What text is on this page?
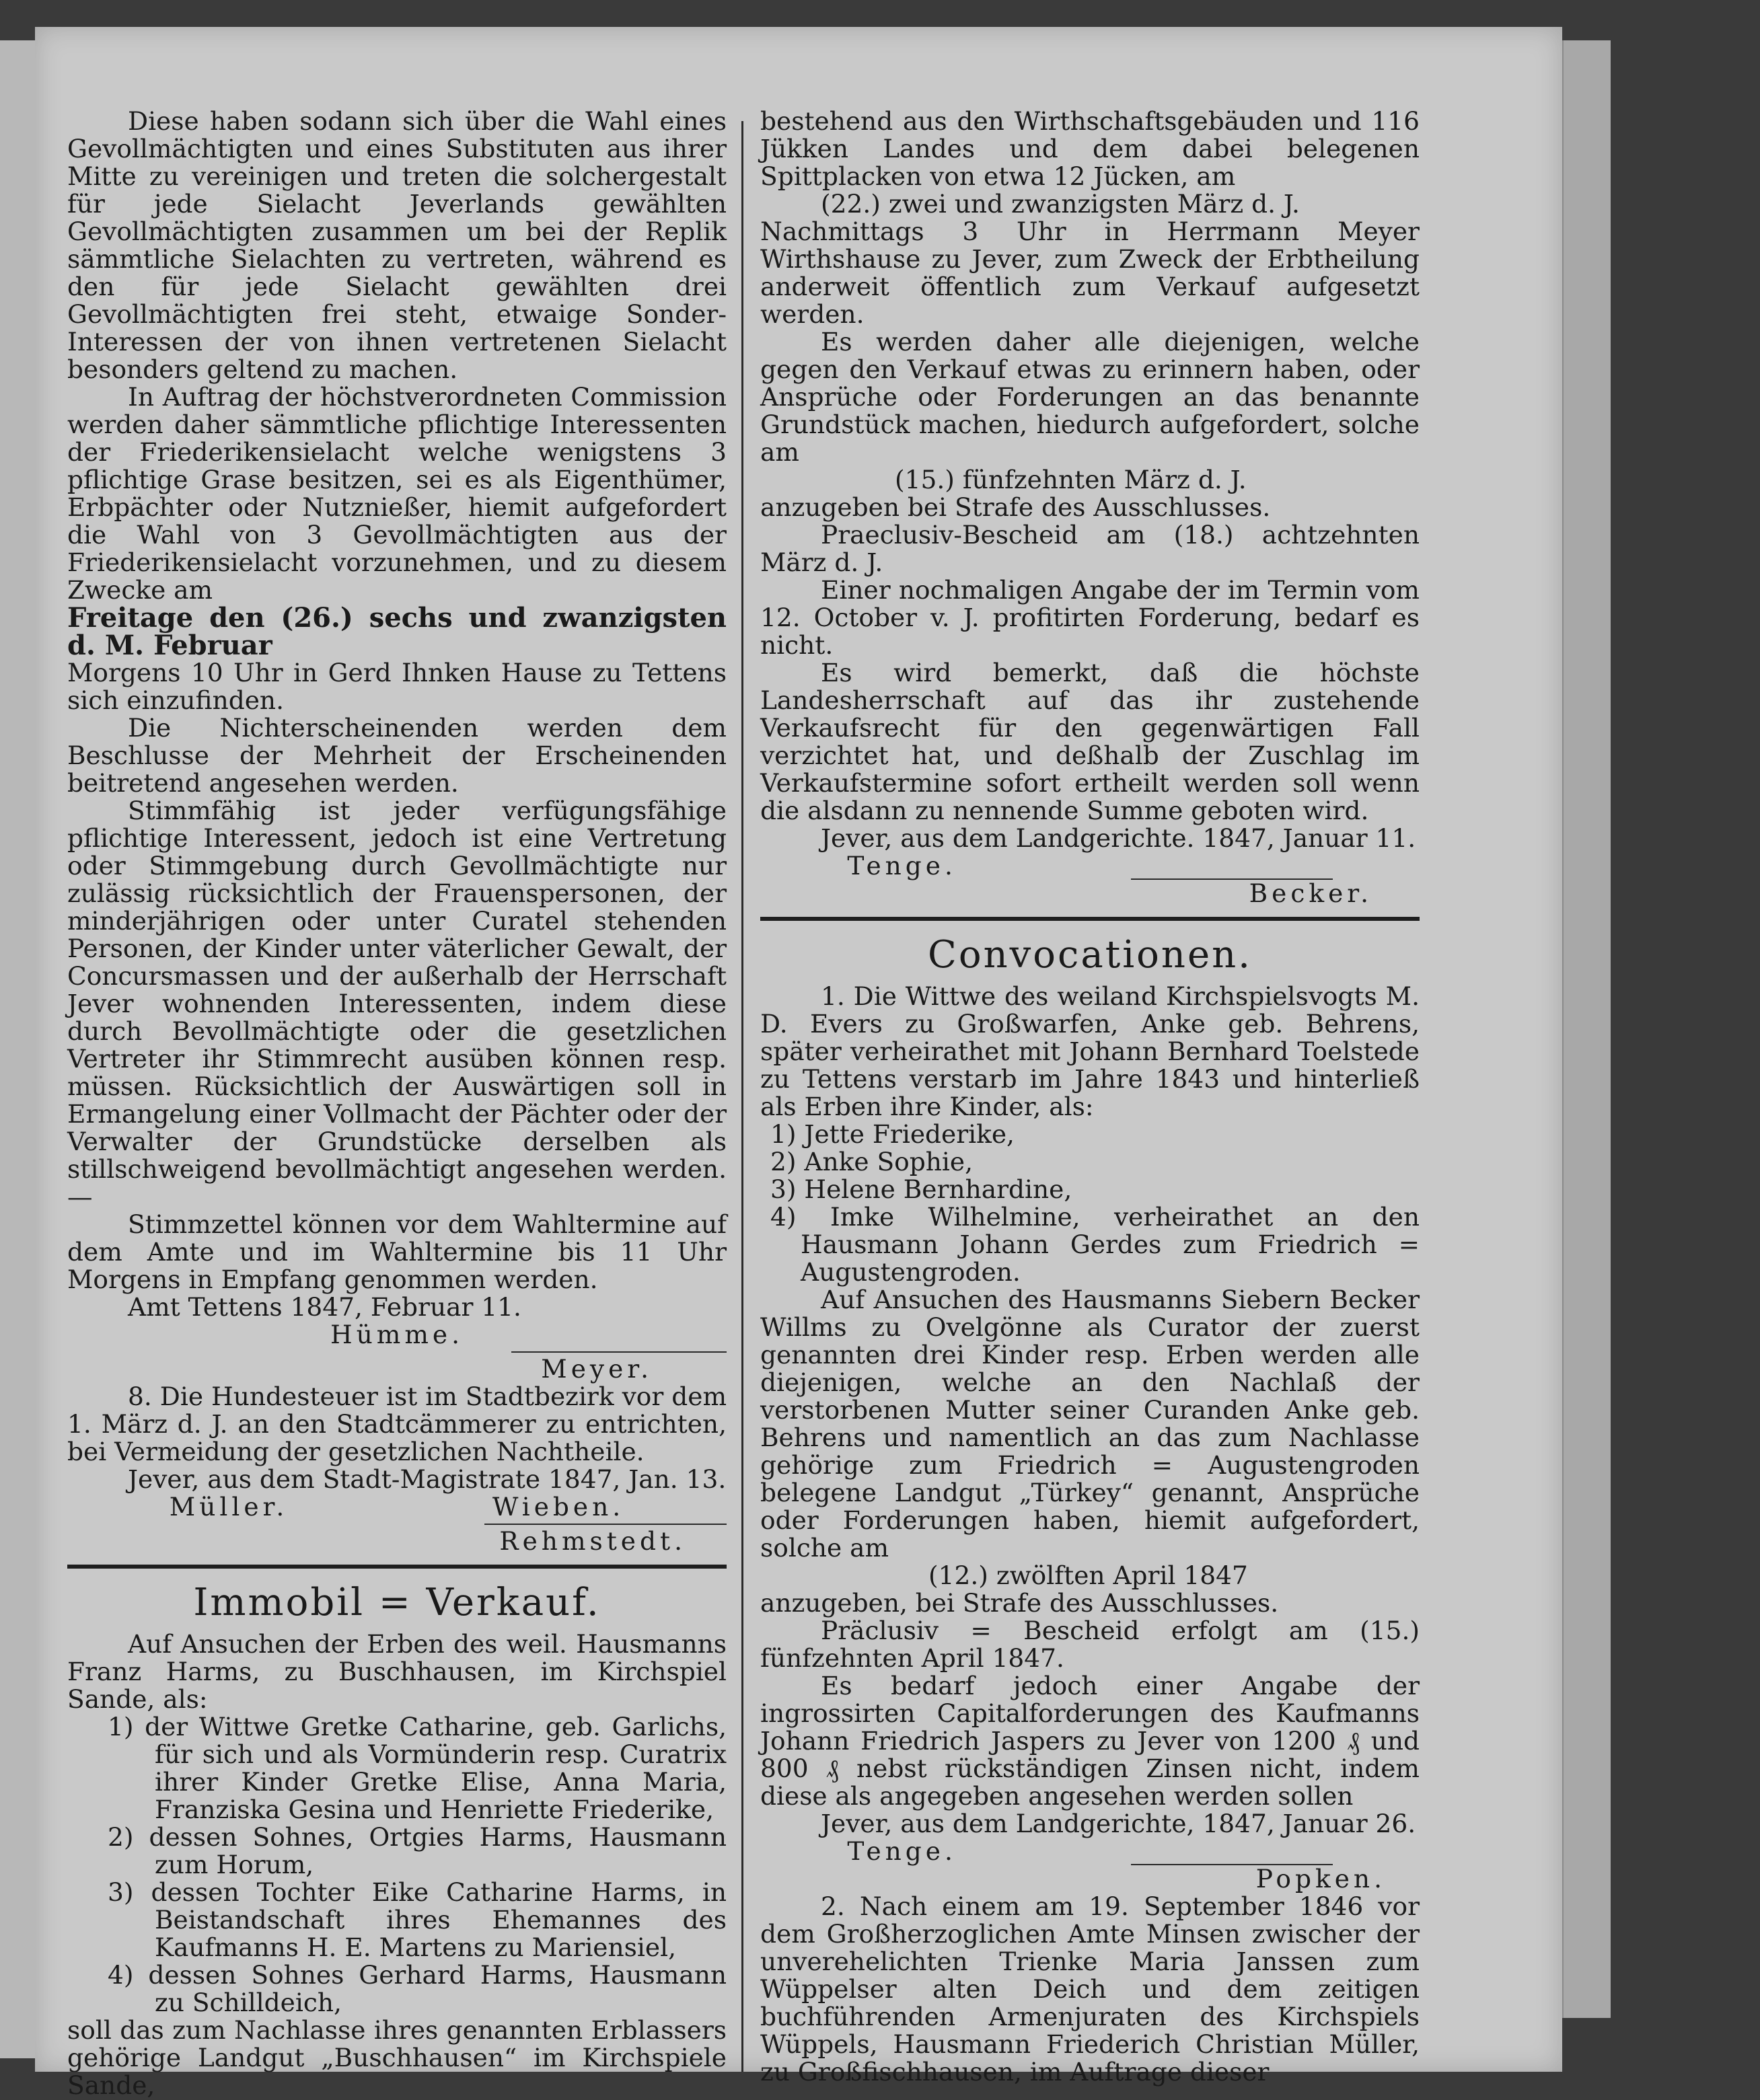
Diese haben sodann sich über die Wahl eines Gevollmächtigten und eines Substituten aus ihrer Mitte zu vereinigen und treten die solchergestalt für jede Sielacht Jeverlands gewählten Gevollmächtigten zusammen um bei der Replik sämmtliche Sielachten zu vertreten, während es den für jede Sielacht gewählten drei Gevollmächtigten frei steht, etwaige Sonder-Interessen der von ihnen vertretenen Sielacht besonders geltend zu machen.

In Auftrag der höchstverordneten Commission werden daher sämmtliche pflichtige Interessenten der Friederikensielacht welche wenigstens 3 pflichtige Grase besitzen, sei es als Eigenthümer, Erbpächter oder Nutznießer, hiemit aufgefordert die Wahl von 3 Gevollmächtigten aus der Friederikensielacht vorzunehmen, und zu diesem Zwecke am

Freitage den (26.) sechs und zwanzigsten d. M. Februar

Morgens 10 Uhr in Gerd Ihnken Hause zu Tettens sich einzufinden.

Die Nichterscheinenden werden dem Beschlusse der Mehrheit der Erscheinenden beitretend angesehen werden.

Stimmfähig ist jeder verfügungsfähige pflichtige Interessent, jedoch ist eine Vertretung oder Stimmgebung durch Gevollmächtigte nur zulässig rücksichtlich der Frauenspersonen, der minderjährigen oder unter Curatel stehenden Personen, der Kinder unter väterlicher Gewalt, der Concursmassen und der außerhalb der Herrschaft Jever wohnenden Interessenten, indem diese durch Bevollmächtigte oder die gesetzlichen Vertreter ihr Stimmrecht ausüben können resp. müssen. Rücksichtlich der Auswärtigen soll in Ermangelung einer Vollmacht der Pächter oder der Verwalter der Grundstücke derselben als stillschweigend bevollmächtigt angesehen werden. —

Stimmzettel können vor dem Wahltermine auf dem Amte und im Wahltermine bis 11 Uhr Morgens in Empfang genommen werden.

Amt Tettens 1847, Februar 11.

Hümme.

Meyer.

8. Die Hundesteuer ist im Stadtbezirk vor dem 1. März d. J. an den Stadtcämmerer zu entrichten, bei Vermeidung der gesetzlichen Nachtheile.

Jever, aus dem Stadt-Magistrate 1847, Jan. 13.

Müller.	Wieben.

Rehmstedt.

Immobil = Verkauf.

Auf Ansuchen der Erben des weil. Hausmanns Franz Harms, zu Buschhausen, im Kirchspiel Sande, als:

1) der Wittwe Gretke Catharine, geb. Garlichs, für sich und als Vormünderin resp. Curatrix ihrer Kinder Gretke Elise, Anna Maria, Franziska Gesina und Henriette Friederike,

2) dessen Sohnes, Ortgies Harms, Hausmann zum Horum,

3) dessen Tochter Eike Catharine Harms, in Beistandschaft ihres Ehemannes des Kaufmanns H. E. Martens zu Mariensiel,

4) dessen Sohnes Gerhard Harms, Hausmann zu Schilldeich,

soll das zum Nachlasse ihres genannten Erblassers gehörige Landgut „Buschhausen“ im Kirchspiele Sande,

bestehend aus den Wirthschaftsgebäuden und 116 Jükken Landes und dem dabei belegenen Spittplacken von etwa 12 Jücken, am

(22.) zwei und zwanzigsten März d. J.

Nachmittags 3 Uhr in Herrmann Meyer Wirthshause zu Jever, zum Zweck der Erbtheilung anderweit öffentlich zum Verkauf aufgesetzt werden.

Es werden daher alle diejenigen, welche gegen den Verkauf etwas zu erinnern haben, oder Ansprüche oder Forderungen an das benannte Grundstück machen, hiedurch aufgefordert, solche am

(15.) fünfzehnten März d. J.

anzugeben bei Strafe des Ausschlusses.

Praeclusiv-Bescheid am (18.) achtzehnten März d. J.

Einer nochmaligen Angabe der im Termin vom 12. October v. J. profitirten Forderung, bedarf es nicht.

Es wird bemerkt, daß die höchste Landesherrschaft auf das ihr zustehende Verkaufsrecht für den gegenwärtigen Fall verzichtet hat, und deßhalb der Zuschlag im Verkaufstermine sofort ertheilt werden soll wenn die alsdann zu nennende Summe geboten wird.

Jever, aus dem Landgerichte. 1847, Januar 11.

Tenge.

Becker.

Convocationen.

1. Die Wittwe des weiland Kirchspielsvogts M. D. Evers zu Großwarfen, Anke geb. Behrens, später verheirathet mit Johann Bernhard Toelstede zu Tettens verstarb im Jahre 1843 und hinterließ als Erben ihre Kinder, als:

1) Jette Friederike,

2) Anke Sophie,

3) Helene Bernhardine,

4) Imke Wilhelmine, verheirathet an den Hausmann Johann Gerdes zum Friedrich = Augustengroden.

Auf Ansuchen des Hausmanns Siebern Becker Willms zu Ovelgönne als Curator der zuerst genannten drei Kinder resp. Erben werden alle diejenigen, welche an den Nachlaß der verstorbenen Mutter seiner Curanden Anke geb. Behrens und namentlich an das zum Nachlasse gehörige zum Friedrich = Augustengroden belegene Landgut „Türkey“ genannt, Ansprüche oder Forderungen haben, hiemit aufgefordert, solche am

(12.) zwölften April 1847

anzugeben, bei Strafe des Ausschlusses.

Präclusiv = Bescheid erfolgt am (15.) fünfzehnten April 1847.

Es bedarf jedoch einer Angabe der ingrossirten Capitalforderungen des Kaufmanns Johann Friedrich Jaspers zu Jever von 1200 ₰ und 800 ₰ nebst rückständigen Zinsen nicht, indem diese als angegeben angesehen werden sollen

Jever, aus dem Landgerichte, 1847, Januar 26.

Tenge.

Popken.

2. Nach einem am 19. September 1846 vor dem Großherzoglichen Amte Minsen zwischer der unverehelichten Trienke Maria Janssen zum Wüppelser alten Deich und dem zeitigen buchführenden Armenjuraten des Kirchspiels Wüppels, Hausmann Friederich Christian Müller, zu Großfischhausen, im Auftrage dieser
